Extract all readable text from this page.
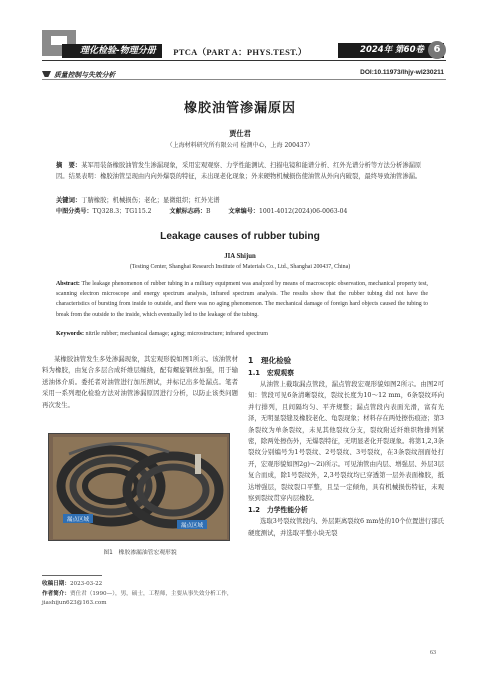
理化检验-物理分册	PTCA（PART A：PHYS.TEST.）	2024年 第60卷 6
质量控制与失效分析	DOI:10.11973/lhjy-wl230211
橡胶油管渗漏原因
贾仕君
（上海材料研究所有限公司 检测中心，上海 200437）
摘　要：某军用装备橡胶油管发生渗漏现象，采用宏观观察、力学性能测试、扫描电镜和能谱分析、红外光谱分析等方法分析渗漏原因。结果表明：橡胶油管呈现由内向外爆裂的特征，未出现老化现象；外来硬物机械损伤使油管从外向内破裂，最终导致油管渗漏。
关键词：丁腈橡胶；机械损伤；老化；显微组织；红外光谱
中图分类号：TQ328.3；TG115.2	文献标志码：B	文章编号：1001-4012(2024)06-0063-04
Leakage causes of rubber tubing
JIA Shijun
(Testing Center, Shanghai Research Institute of Materials Co., Ltd., Shanghai 200437, China)
Abstract: The leakage phenomenon of rubber tubing in a military equipment was analyzed by means of macroscopic observation, mechanical property test, scanning electron microscope and energy spectrum analysis, infrared spectrum analysis. The results show that the rubber tubing did not have the characteristics of bursting from inside to outside, and there was no aging phenomenon. The mechanical damage of foreign hard objects caused the tubing to break from the outside to the inside, which eventually led to the leakage of the tubing.
Keywords: nitrile rubber; mechanical damage; aging; microstructure; infrared spectrum
某橡胶油管发生多处渗漏现象，其宏观形貌如图1所示。该油管材料为橡胶，由复合多层合成纤维层缠绕，配有螺旋钢丝加强，用于输送油体介质。委托者对油管进行加压测试，并标记出多处漏点。笔者采用一系列理化检验方法对油管渗漏原因进行分析，以防止该类问题再次发生。
漏点区域
漏点区域
图1　橡胶渗漏油管宏观形貌
收稿日期：2023-03-22
作者简介：贾仕君（1990—），男，硕士，工程师，主要从事失效分析工作，jiashijun623@163.com
1　理化检验
1.1　宏观观察
从油管上截取漏点管段，漏点管段宏观形貌如图2所示。由图2可知：管段可见6条清晰裂纹，裂纹长度为10～12 mm，6条裂纹环向并行排列，且间隔均匀、平齐规整；漏点管段内表面光滑，富有光泽，无明显裂缝及橡胶老化、龟裂现象；材料存在两处擦伤痕迹；第3条裂纹为单条裂纹，未见其他裂纹分支，裂纹附近纤维织物排列紧密，除两处擦伤外，无爆裂特征，无明显老化开裂现象。将第1,2,3条裂纹分别编号为1号裂纹、2号裂纹、3号裂纹，在3条裂纹剖面处打开，宏观形貌如图2g)～2i)所示。可见油管由内层、增强层、外层3层复合而成，除1号裂纹外，2,3号裂纹均已穿透第一层外表面橡胶，抵达增强层，裂纹裂口平整，且呈一定倾角，具有机械损伤特征，未观察到裂纹贯穿内层橡胶。
1.2　力学性能分析
选取3号裂纹管段内、外层距离裂纹6 mm处的10个位置进行邵氏硬度测试，并选取平整小块无裂
63
